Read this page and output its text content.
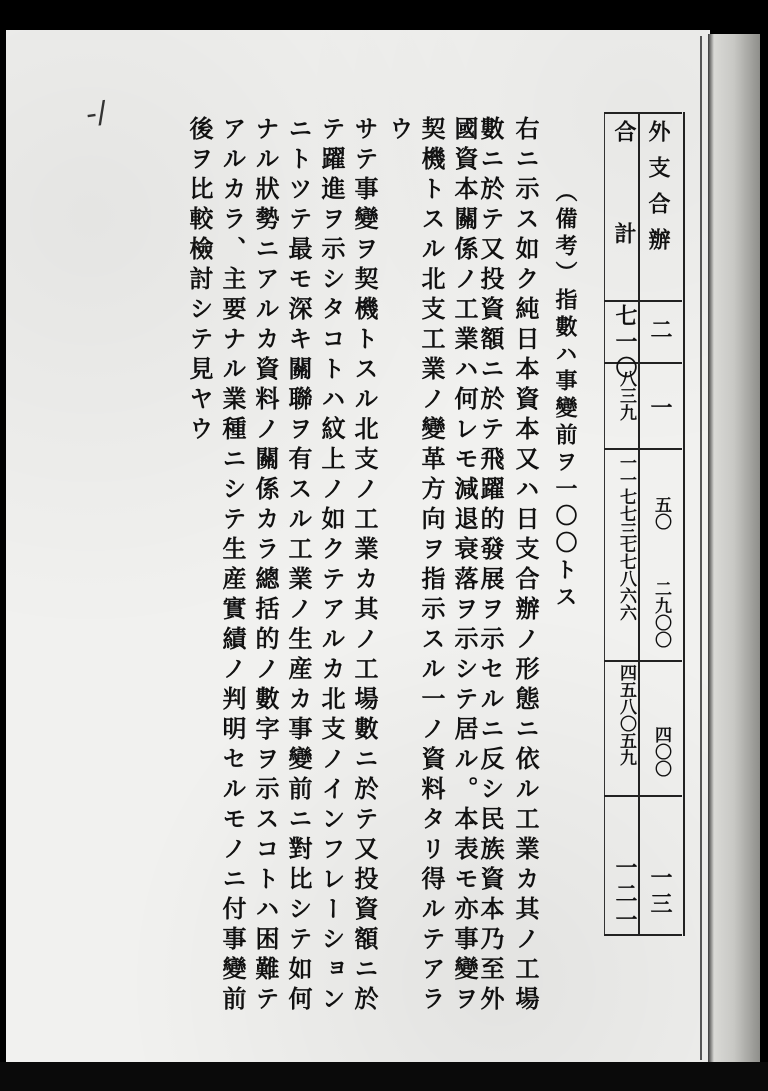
-/
外支合辦
合計
二
一
五〇
二九〇〇
四〇〇
一三
七一〇
八三九
一一七七三
七七八六六
四五八〇五九
一二一
右ニ示ス如ク純日本資本又ハ日支合辦ノ形態ニ依ル工業カ其ノ工場
數ニ於テ又投資額ニ於テ飛躍的發展ヲ示セルニ反シ民族資本乃至外
國資本關係ノ工業ハ何レモ減退衰落ヲ示シテ居ル。本表モ亦事變ヲ
契機トスル北支工業ノ變革方向ヲ指示スル一ノ資料タリ得ルテアラ
ウ
サテ事變ヲ契機トスル北支ノ工業カ其ノ工場數ニ於テ又投資額ニ於
テ躍進ヲ示シタコトハ紋上ノ如クテアルカ北支ノインフレーション
ニトツテ最モ深キ關聯ヲ有スル工業ノ生産カ事變前ニ對比シテ如何
ナル狀勢ニアルカ資料ノ關係カラ總括的ノ數字ヲ示スコトハ困難テ
アルカラ、主要ナル業種ニシテ生産實績ノ判明セルモノニ付事變前
後ヲ比較檢討シテ見ヤウ	（備考）指數ハ事變前ヲ一〇〇トス
